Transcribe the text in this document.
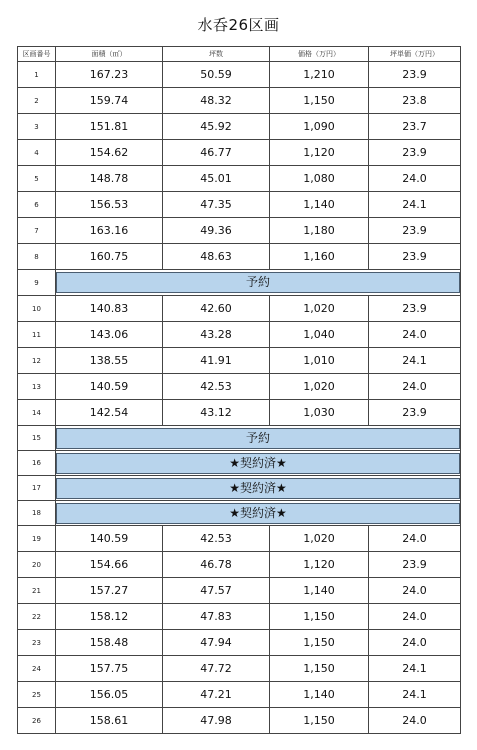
水呑26区画
区画番号	面積（㎡）	坪数	価格（万円）	坪単価（万円）
1	167.23	50.59	1,210	23.9
2	159.74	48.32	1,150	23.8
3	151.81	45.92	1,090	23.7
4	154.62	46.77	1,120	23.9
5	148.78	45.01	1,080	24.0
6	156.53	47.35	1,140	24.1
7	163.16	49.36	1,180	23.9
8	160.75	48.63	1,160	23.9
9	予約			

10	140.83	42.60	1,020	23.9
11	143.06	43.28	1,040	24.0
12	138.55	41.91	1,010	24.1
13	140.59	42.53	1,020	24.0
14	142.54	43.12	1,030	23.9
15	予約			

16	★契約済★			

17	★契約済★			

18	★契約済★			

19	140.59	42.53	1,020	24.0
20	154.66	46.78	1,120	23.9
21	157.27	47.57	1,140	24.0
22	158.12	47.83	1,150	24.0
23	158.48	47.94	1,150	24.0
24	157.75	47.72	1,150	24.1
25	156.05	47.21	1,140	24.1
26	158.61	47.98	1,150	24.0
